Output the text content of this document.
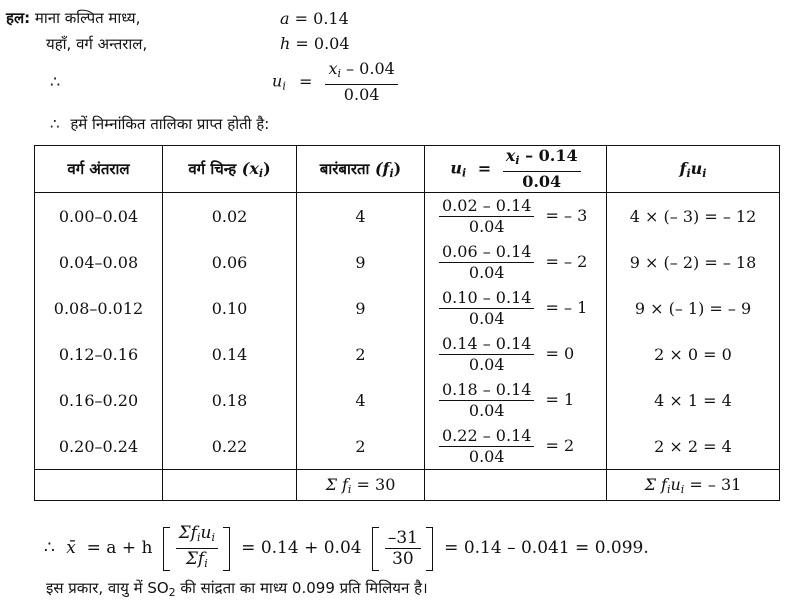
हल: माना कल्पित माध्य,	a = 0.14
यहाँ, वर्ग अन्तराल,	h = 0.04
∴	$u_i = \frac{x_i - 0.04}{0.04}$
∴ हमें निम्नांकित तालिका प्राप्त होती है:
वर्ग अंतराल	वर्ग चिन्ह $(x_i)$	बारंबारता $(f_i)$	$u_i = \frac{x_i - 0.14}{0.04}$	$f_iu_i$
0.00–0.04	0.02	4	$\frac{0.02 - 0.14}{0.04}$ = – 3	4 × (– 3) = – 12
0.04–0.08	0.06	9	$\frac{0.06 - 0.14}{0.04}$ = – 2	9 × (– 2) = – 18
0.08–0.012	0.10	9	$\frac{0.10 - 0.14}{0.04}$ = – 1	9 × (– 1) = – 9
0.12–0.16	0.14	2	$\frac{0.14 - 0.14}{0.04} = 0$	2 × 0 = 0
0.16–0.20	0.18	4	$\frac{0.18 - 0.14}{0.04} = 1$	4 × 1 = 4
0.20–0.24	0.22	2	$\frac{0.22 - 0.14}{0.04} = 2$	2 × 2 = 4
		Σ $f_i = 30$		Σ $f_iu_i$ = – 31
∴ x̄  = a + h $\frac{\Sigma f_iu_i}{\Sigma f_i} = 0.14 + 0.04 \frac{-31}{30} = 0.14 - 0.041 = 0.099$.
इस प्रकार, वायु में $SO_2$ की सांद्रता का माध्य 0.099 प्रति मिलियन है।
